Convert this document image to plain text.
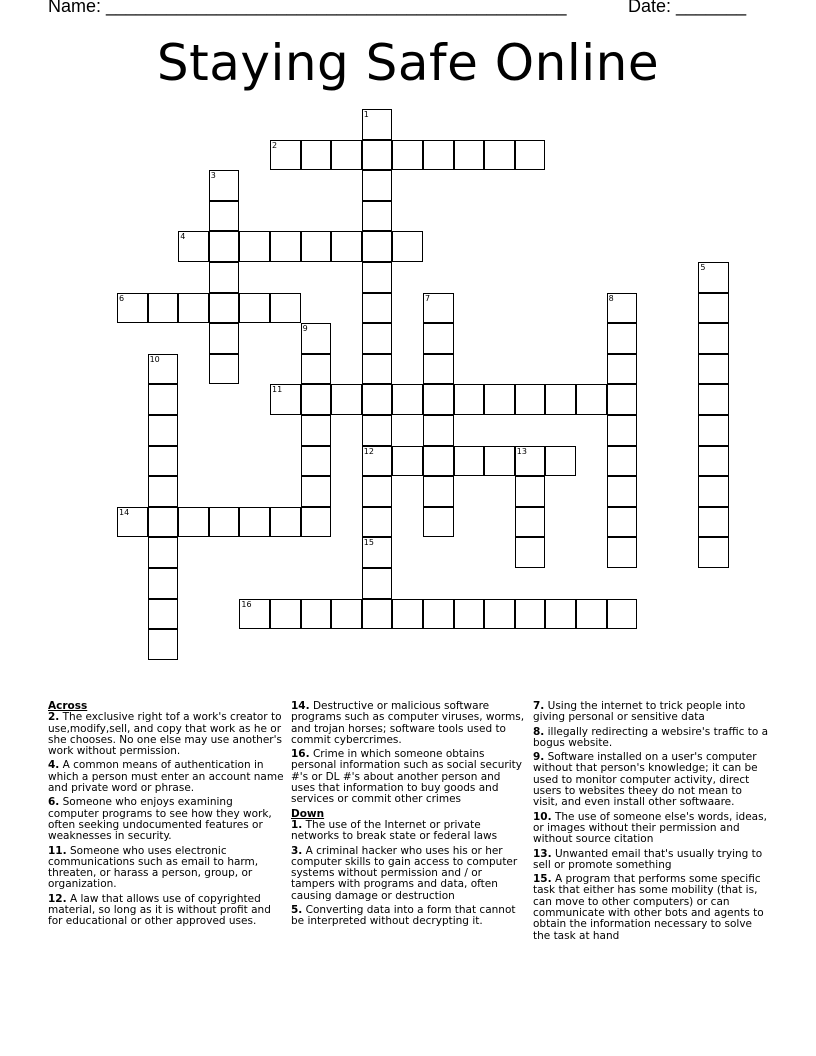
Name: ______________________________________________	Date: _______
Staying Safe Online
1
12
2
3
4
5
6	7	8
9
10
11
13
14
15
16
Across
2. The exclusive right tof a work's creator to use,modify,sell, and copy that work as he or she chooses. No one else may use another's work without permission.
4. A common means of authentication in which a person must enter an account name and private word or phrase.
6. Someone who enjoys examining computer programs to see how they work, often seeking undocumented features or weaknesses in security.
11. Someone who uses electronic communications such as email to harm, threaten, or harass a person, group, or organization.
12. A law that allows use of copyrighted material, so long as it is without profit and for educational or other approved uses.
14. Destructive or malicious software programs such as computer viruses, worms, and trojan horses; software tools used to commit cybercrimes.
16. Crime in which someone obtains personal information such as social security #'s or DL #'s about another person and uses that information to buy goods and services or commit other crimes
Down
1. The use of the Internet or private networks to break state or federal laws
3. A criminal hacker who uses his or her computer skills to gain access to computer systems without permission and / or tampers with programs and data, often causing damage or destruction
5. Converting data into a form that cannot be interpreted without decrypting it.
7. Using the internet to trick people into giving personal or sensitive data
8. illegally redirecting a websire's traffic to a bogus website.
9. Software installed on a user's computer without that person's knowledge; it can be used to monitor computer activity, direct users to websites theey do not mean to visit, and even install other softwaare.
10. The use of someone else's words, ideas, or images without their permission and without source citation
13. Unwanted email that's usually trying to sell or promote something
15. A program that performs some specific task that either has some mobility (that is, can move to other computers) or can communicate with other bots and agents to obtain the information necessary to solve the task at hand
